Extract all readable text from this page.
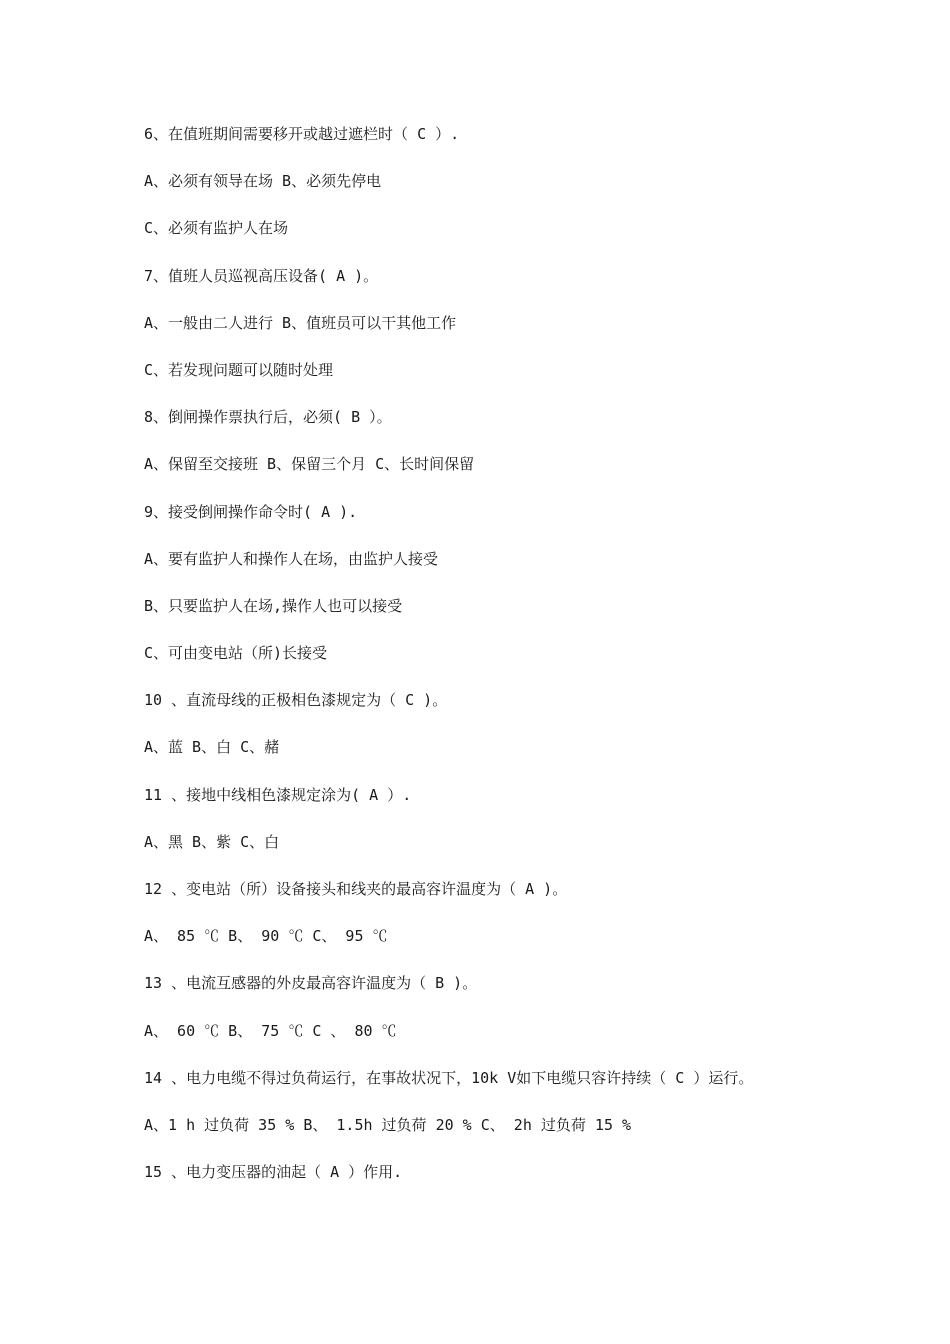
6、在值班期间需要移开或越过遮栏时（ C ）.
A、必须有领导在场 B、必须先停电
C、必须有监护人在场
7、值班人员巡视高压设备( A )。
A、一般由二人进行 B、值班员可以干其他工作
C、若发现问题可以随时处理
8、倒闸操作票执行后，必须( B ）。
A、保留至交接班 B、保留三个月 C、长时间保留
9、接受倒闸操作命令时( A ).
A、要有监护人和操作人在场，由监护人接受
B、只要监护人在场,操作人也可以接受
C、可由变电站（所)长接受
10 、直流母线的正极相色漆规定为（ C )。
A、蓝 B、白 C、赭
11 、接地中线相色漆规定涂为( A ）.
A、黑 B、紫 C、白
12 、变电站（所）设备接头和线夹的最高容许温度为（ A )。
A、 85 ℃ B、 90 ℃ C、 95 ℃
13 、电流互感器的外皮最高容许温度为（ B )。
A、 60 ℃ B、 75 ℃ C 、 80 ℃
14 、电力电缆不得过负荷运行，在事故状况下，10k V如下电缆只容许持续（ C ）运行。
A、1 h 过负荷 35 % B、 1.5h 过负荷 20 % C、 2h 过负荷 15 %
15 、电力变压器的油起（ A ）作用.
